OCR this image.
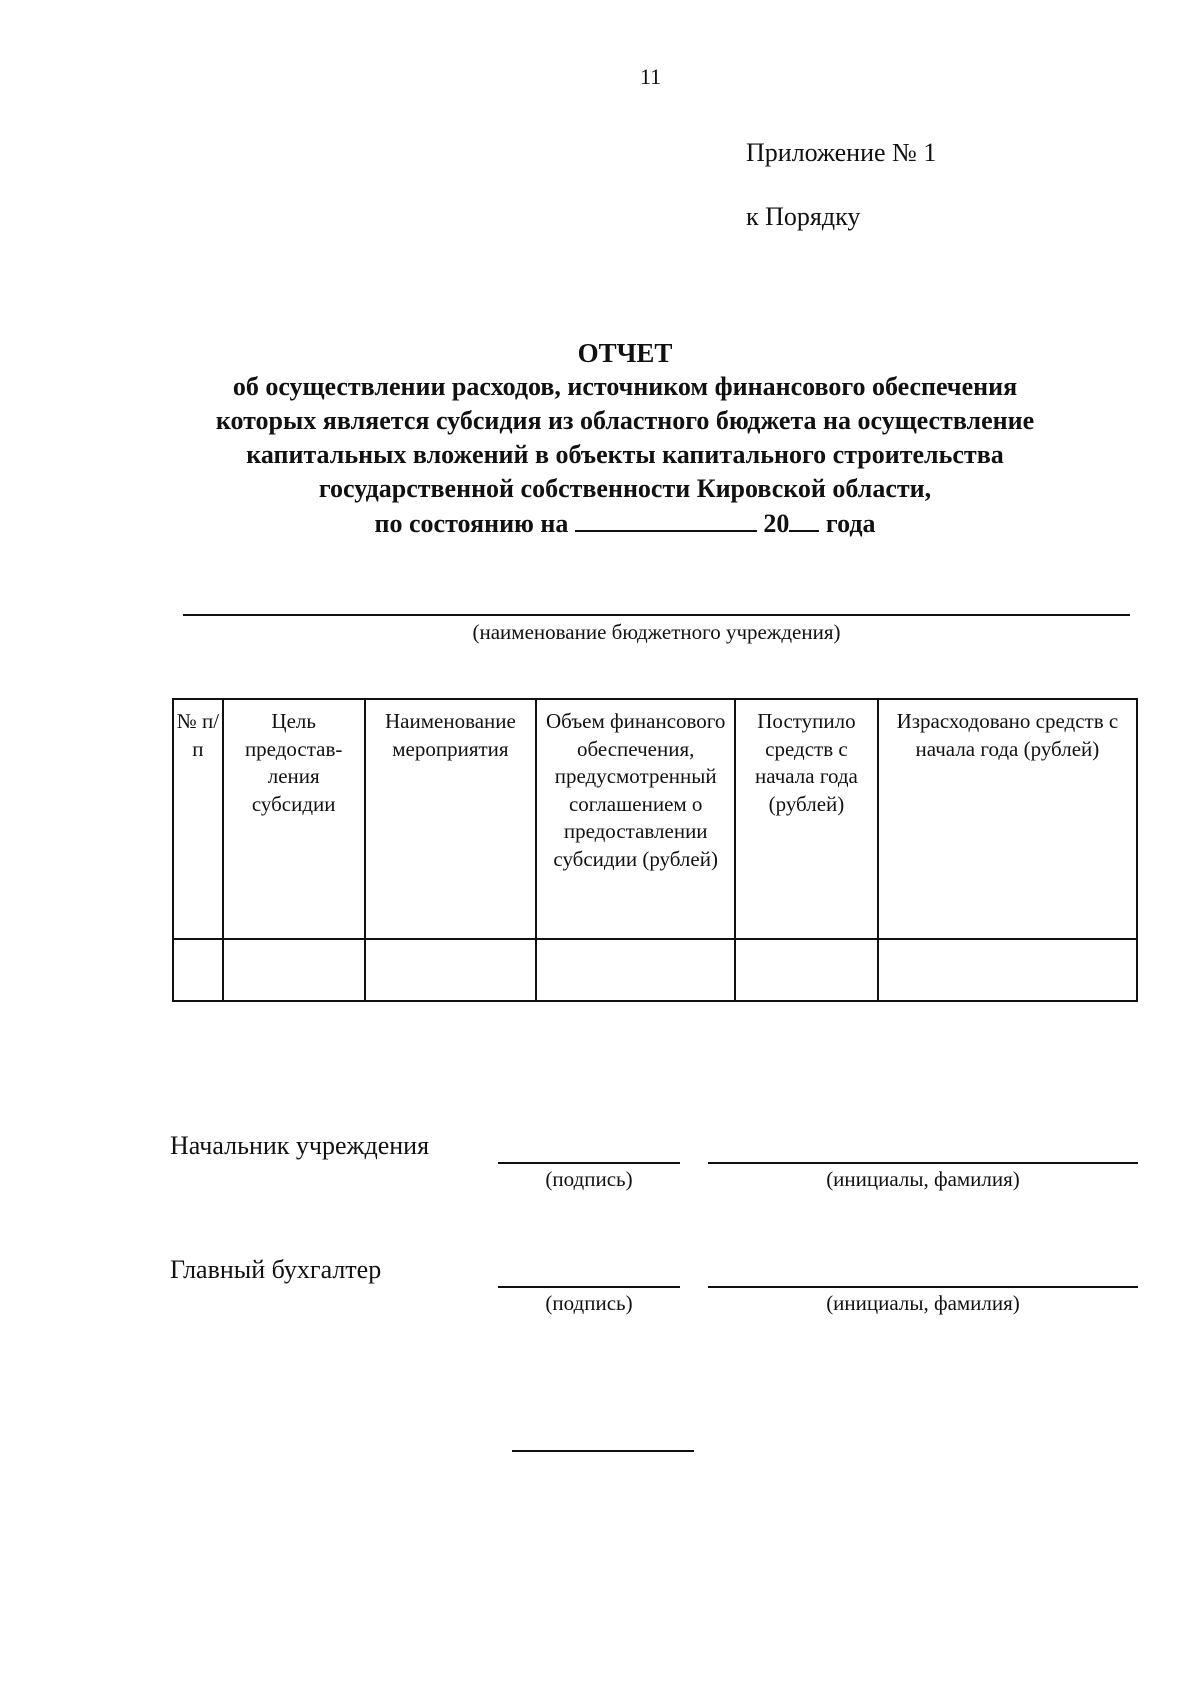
11
Приложение № 1
к Порядку
ОТЧЕТ
об осуществлении расходов, источником финансового обеспечения
которых является субсидия из областного бюджета на осуществление
капитальных вложений в объекты капитального строительства
государственной собственности Кировской области,
по состоянию на	20 года
(наименование бюджетного учреждения)
№ п/п	Цель предостав-ления субсидии	Наименование мероприятия	Объем финансового обеспечения, предусмотренный соглашением о предоставлении субсидии (рублей)	Поступило средств с начала года (рублей)	Израсходовано средств с начала года (рублей)

Начальник учреждения
(подпись)	(инициалы, фамилия)
Главный бухгалтер
(подпись)	(инициалы, фамилия)
